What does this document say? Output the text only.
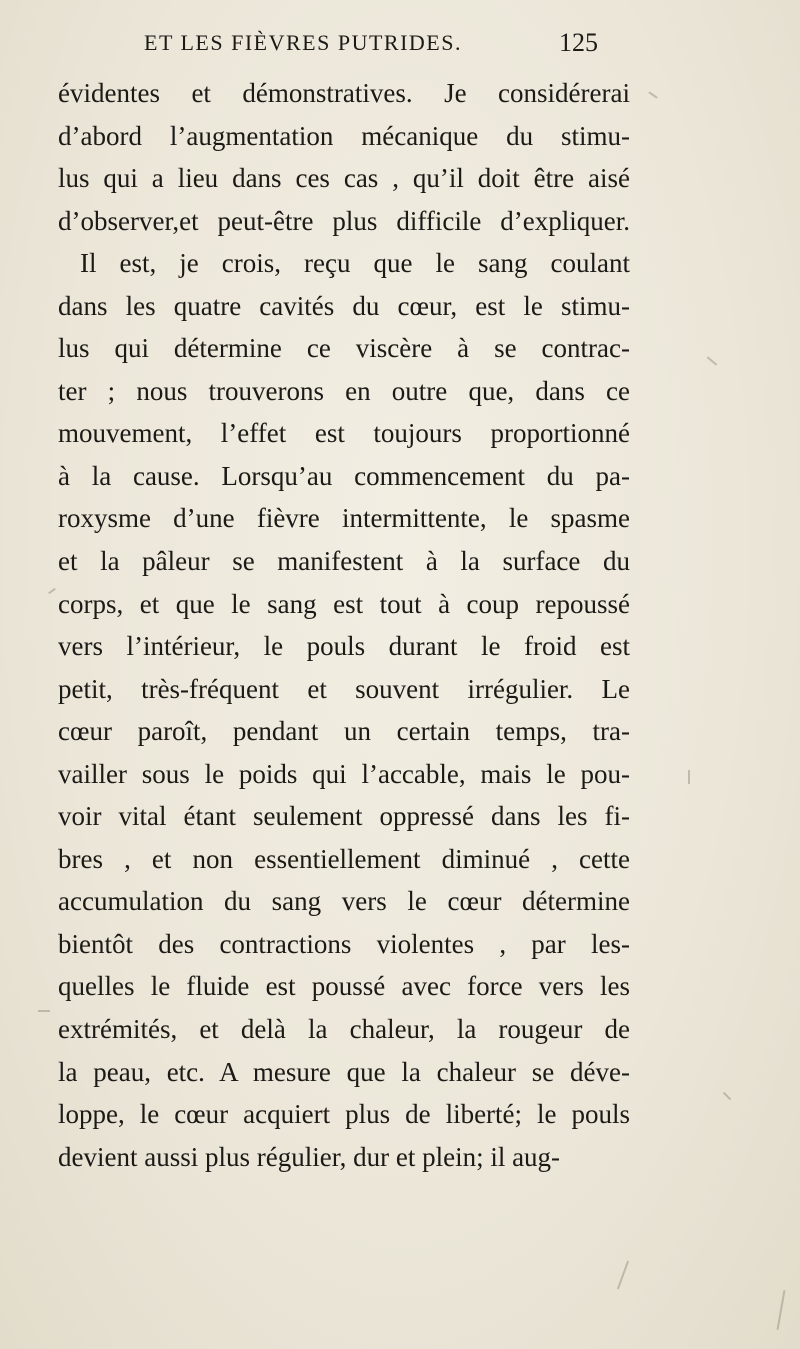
ET LES FIÈVRES PUTRIDES.	125
évidentes et démonstratives. Je considérerai
d’abord l’augmentation mécanique du stimu-
lus qui a lieu dans ces cas , qu’il doit être aisé
d’observer,et peut-être plus difficile d’expliquer.
Il est, je crois, reçu que le sang coulant
dans les quatre cavités du cœur, est le stimu-
lus qui détermine ce viscère à se contrac-
ter ; nous trouverons en outre que, dans ce
mouvement, l’effet est toujours proportionné
à la cause. Lorsqu’au commencement du pa-
roxysme d’une fièvre intermittente, le spasme
et la pâleur se manifestent à la surface du
corps, et que le sang est tout à coup repoussé
vers l’intérieur, le pouls durant le froid est
petit, très-fréquent et souvent irrégulier. Le
cœur paroît, pendant un certain temps, tra-
vailler sous le poids qui l’accable, mais le pou-
voir vital étant seulement oppressé dans les fi-
bres , et non essentiellement diminué , cette
accumulation du sang vers le cœur détermine
bientôt des contractions violentes , par les-
quelles le fluide est poussé avec force vers les
extrémités, et delà la chaleur, la rougeur de
la peau, etc. A mesure que la chaleur se déve-
loppe, le cœur acquiert plus de liberté; le pouls
devient aussi plus régulier, dur et plein; il aug-
